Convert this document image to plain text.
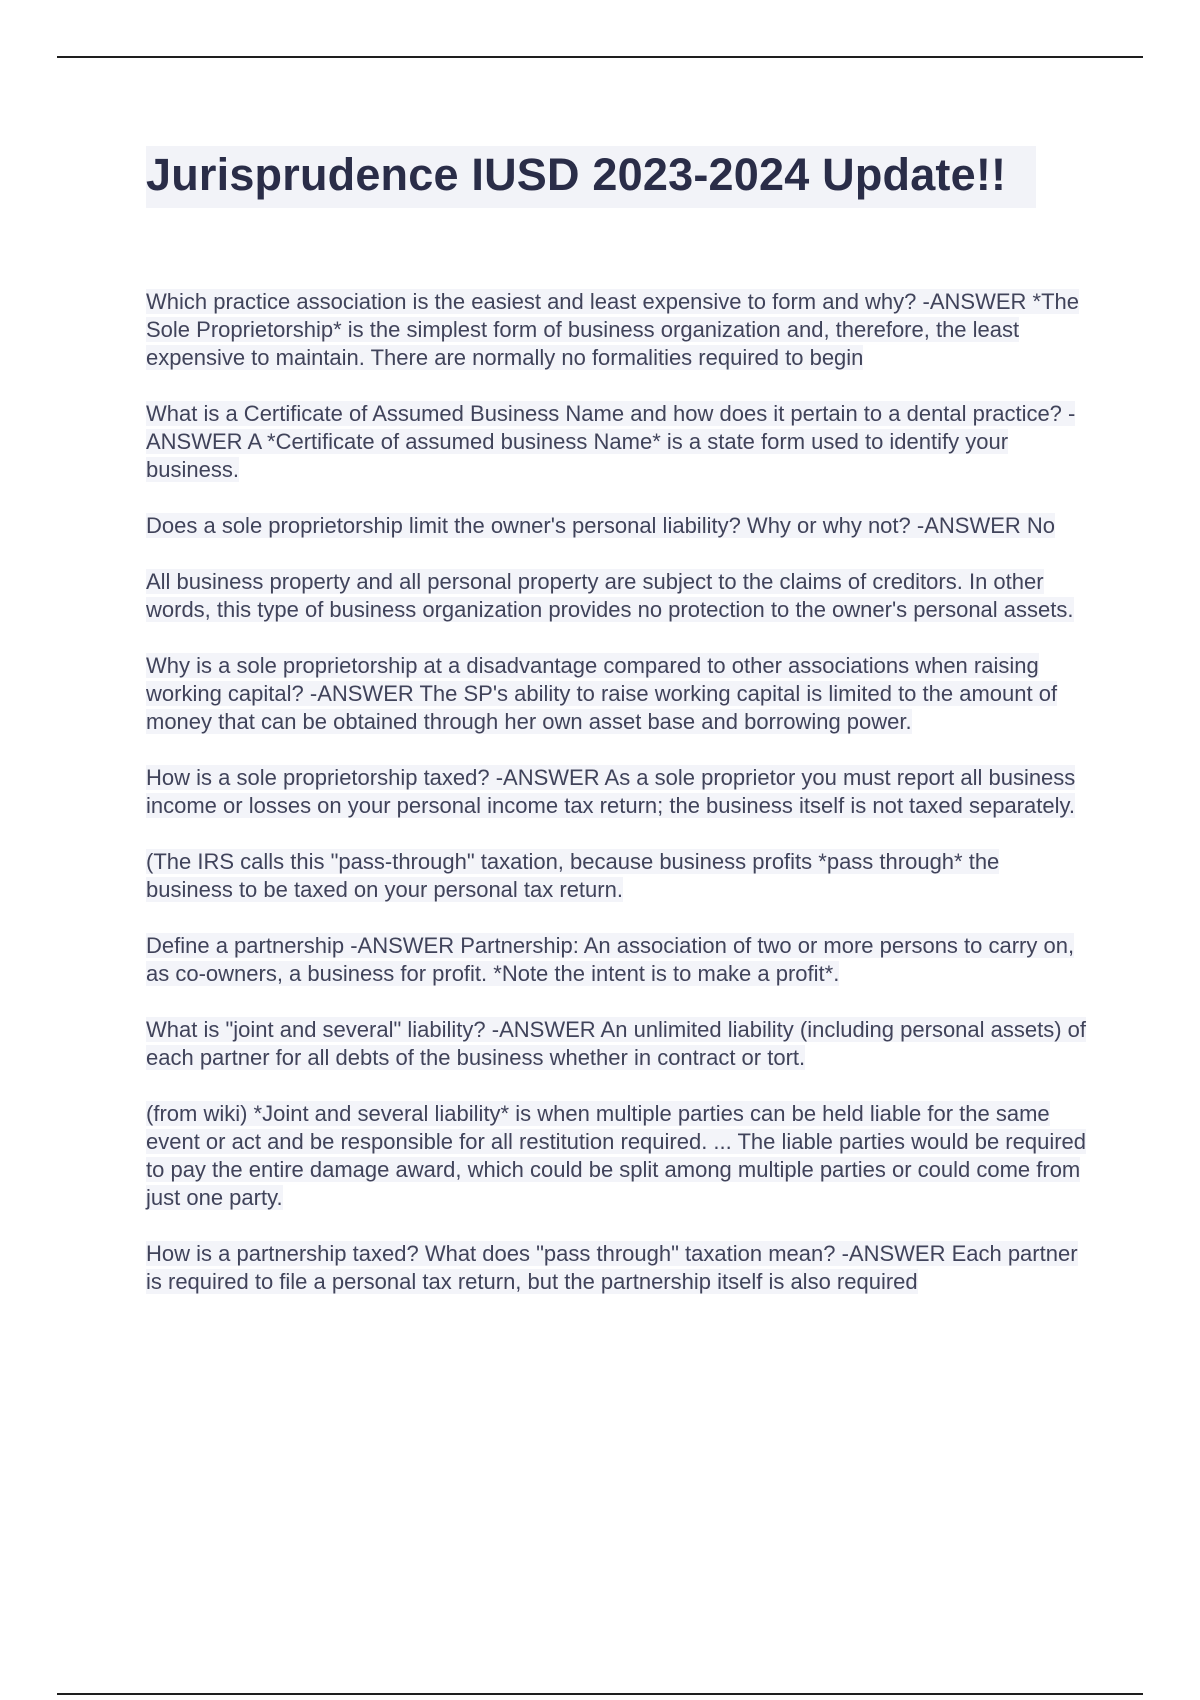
Jurisprudence IUSD 2023-2024 Update!!

Which practice association is the easiest and least expensive to form and why? -ANSWER *The Sole Proprietorship* is the simplest form of business organization and, therefore, the least expensive to maintain. There are normally no formalities required to begin

What is a Certificate of Assumed Business Name and how does it pertain to a dental practice? -ANSWER A *Certificate of assumed business Name* is a state form used to identify your business.

Does a sole proprietorship limit the owner's personal liability? Why or why not? -ANSWER No

All business property and all personal property are subject to the claims of creditors. In other words, this type of business organization provides no protection to the owner's personal assets.

Why is a sole proprietorship at a disadvantage compared to other associations when raising working capital? -ANSWER The SP's ability to raise working capital is limited to the amount of money that can be obtained through her own asset base and borrowing power.

How is a sole proprietorship taxed? -ANSWER As a sole proprietor you must report all business income or losses on your personal income tax return; the business itself is not taxed separately.

(The IRS calls this "pass-through" taxation, because business profits *pass through* the business to be taxed on your personal tax return.

Define a partnership -ANSWER Partnership: An association of two or more persons to carry on, as co-owners, a business for profit. *Note the intent is to make a profit*.

What is "joint and several" liability? -ANSWER An unlimited liability (including personal assets) of each partner for all debts of the business whether in contract or tort.

(from wiki) *Joint and several liability* is when multiple parties can be held liable for the same event or act and be responsible for all restitution required. ... The liable parties would be required to pay the entire damage award, which could be split among multiple parties or could come from just one party.

How is a partnership taxed? What does "pass through" taxation mean? -ANSWER Each partner is required to file a personal tax return, but the partnership itself is also required
